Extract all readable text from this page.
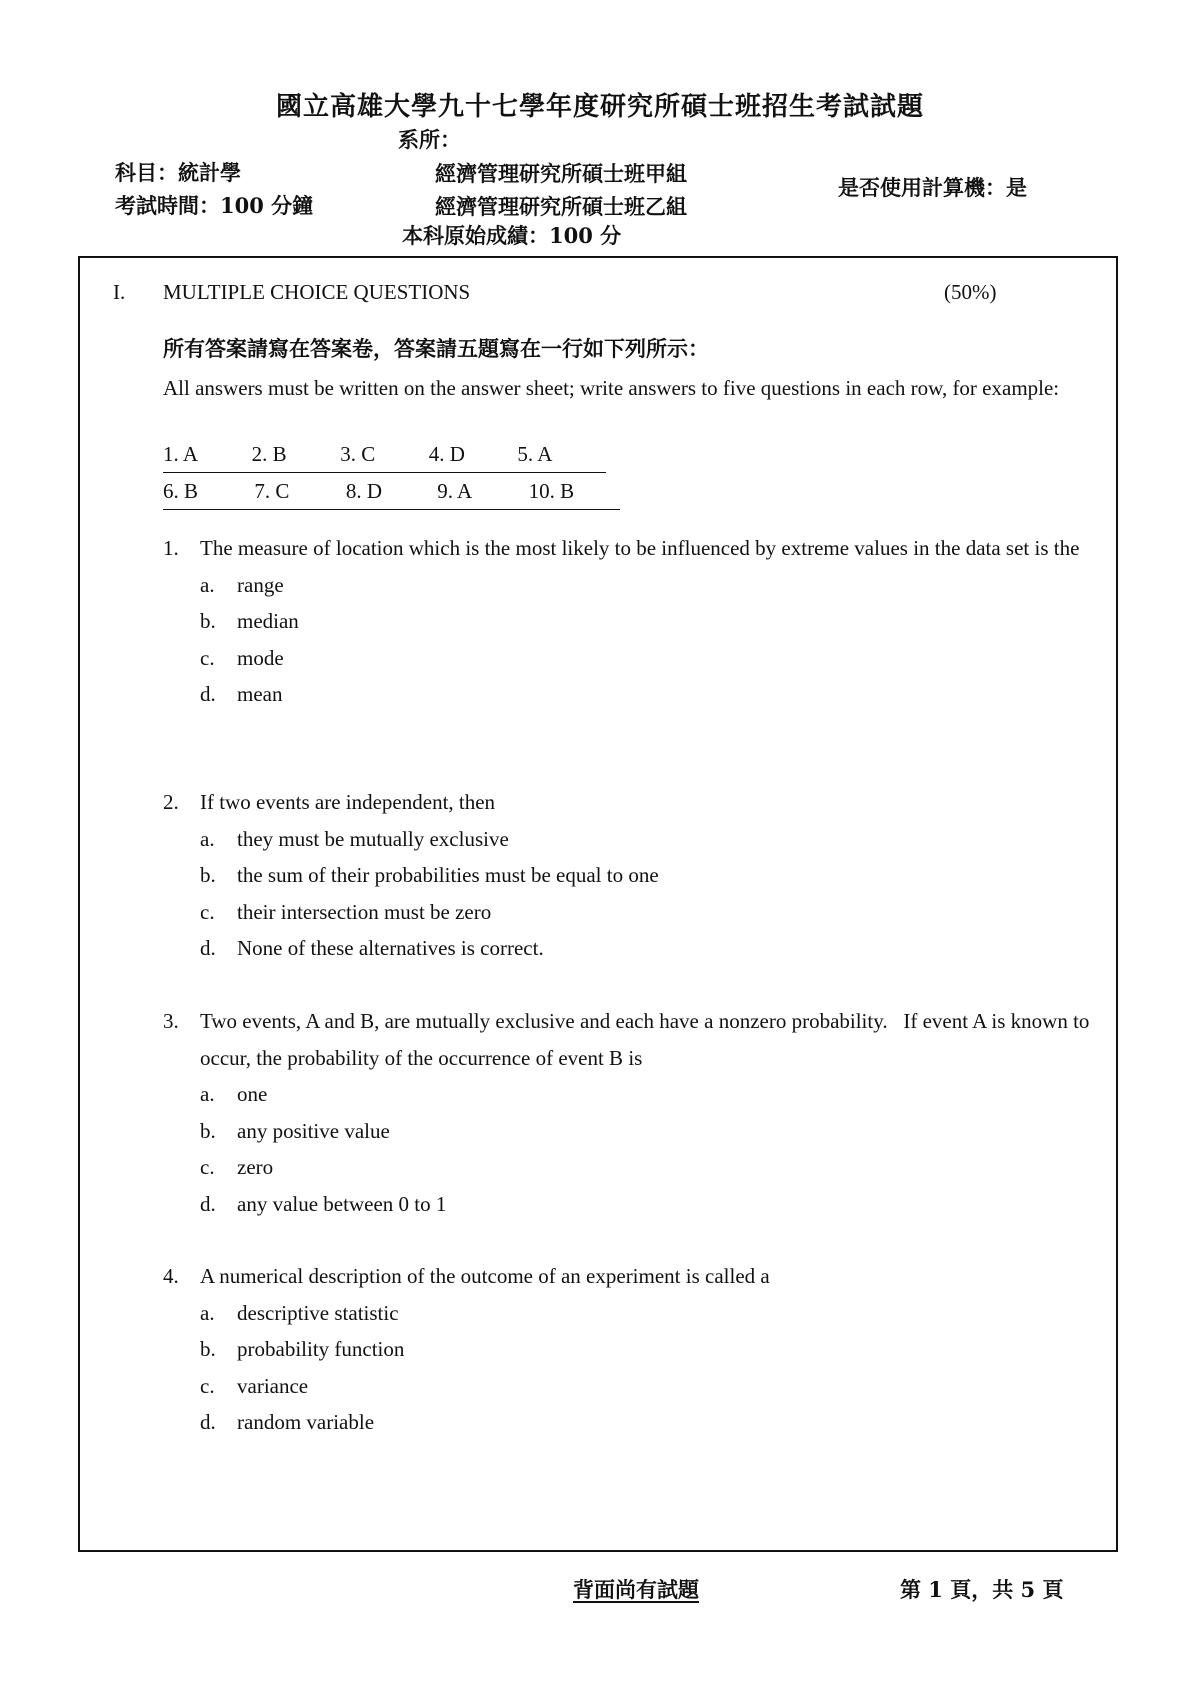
國立高雄大學九十七學年度研究所碩士班招生考試試題
系所：
科目：統計學
考試時間：100 分鐘
經濟管理研究所碩士班甲組
經濟管理研究所碩士班乙組
是否使用計算機：是
本科原始成績：100 分
I. MULTIPLE CHOICE QUESTIONS	(50%)
所有答案請寫在答案卷，答案請五題寫在一行如下列所示：
All answers must be written on the answer sheet; write answers to five questions in each row, for example:
1. A	2. B	3. C	4. D	5. A
6. B	7. C	8. D	9. A	10. B
1. The measure of location which is the most likely to be influenced by extreme values in the data set is the
a. range
b. median
c. mode
d. mean
2. If two events are independent, then
a. they must be mutually exclusive
b. the sum of their probabilities must be equal to one
c. their intersection must be zero
d. None of these alternatives is correct.
3. Two events, A and B, are mutually exclusive and each have a nonzero probability.   If event A is known to occur, the probability of the occurrence of event B is
a. one
b. any positive value
c. zero
d. any value between 0 to 1
4. A numerical description of the outcome of an experiment is called a
a. descriptive statistic
b. probability function
c. variance
d. random variable
背面尚有試題	第 1 頁，共 5 頁
